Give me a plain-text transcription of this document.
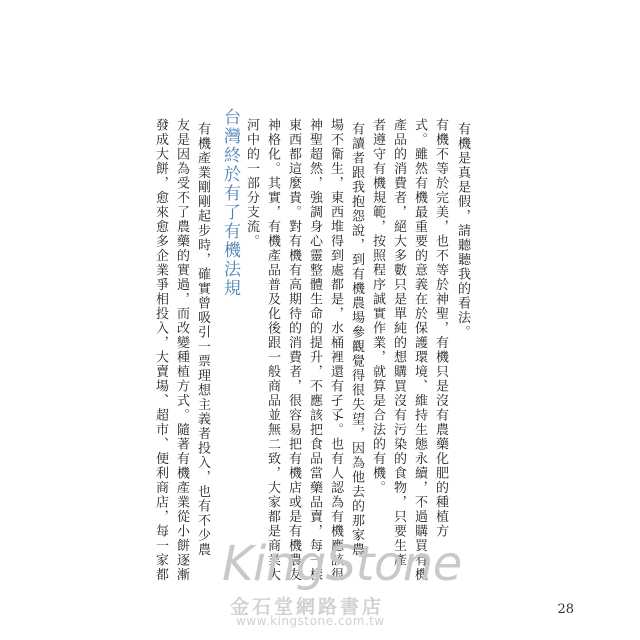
有機是真是假，請聽聽我的看法。
有機不等於完美，也不等於神聖，有機只是沒有農藥化肥的種植方
式。雖然有機最重要的意義在於保護環境、維持生態永續，不過購買有機
產品的消費者，絕大多數只是單純的想購買沒有污染的食物，只要生產
者遵守有機規範，按照程序誠實作業，就算是合法的有機。
有讀者跟我抱怨說，到有機農場參觀覺得很失望，因為他去的那家農
場不衛生，東西堆得到處都是，水桶裡還有孑孓。也有人認為有機應該很
神聖超然，強調身心靈整體生命的提升，不應該把食品當藥品賣，每一樣
東西都這麼貴。對有機有高期待的消費者，很容易把有機店或是有機農友
神格化。其實，有機產品普及化後跟一般商品並無二致，大家都是商業大
河中的一部分支流。
台灣終於有了有機法規
有機產業剛剛起步時，確實曾吸引一票理想主義者投入，也有不少農
友是因為受不了農藥的實過，而改變種植方式。隨著有機產業從小餅逐漸
發成大餅，愈來愈多企業爭相投入，大賣場、超市、便利商店，每一家都
28
KingStone
金石堂網路書店
www.kingstone.com.tw
